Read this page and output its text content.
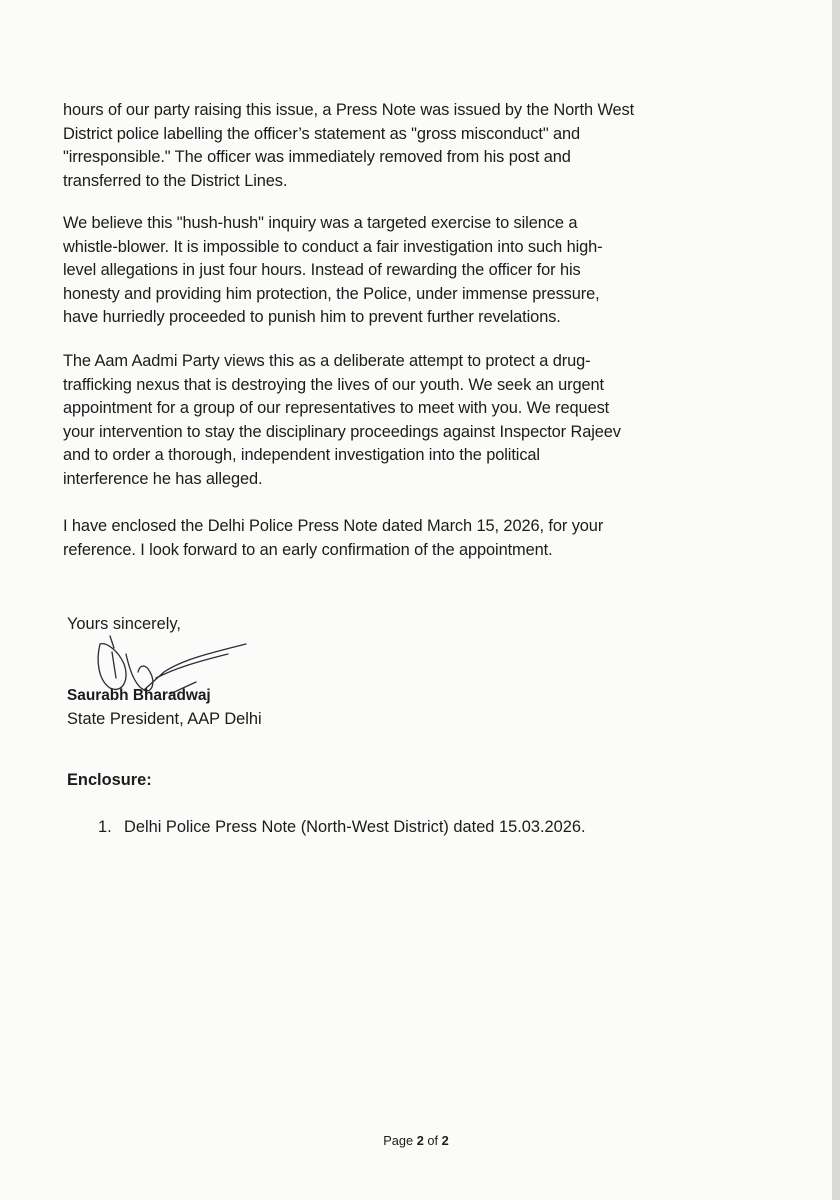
hours of our party raising this issue, a Press Note was issued by the North West
District police labelling the officer’s statement as "gross misconduct" and
"irresponsible." The officer was immediately removed from his post and
transferred to the District Lines.
We believe this "hush-hush" inquiry was a targeted exercise to silence a
whistle-blower. It is impossible to conduct a fair investigation into such high-
level allegations in just four hours. Instead of rewarding the officer for his
honesty and providing him protection, the Police, under immense pressure,
have hurriedly proceeded to punish him to prevent further revelations.
The Aam Aadmi Party views this as a deliberate attempt to protect a drug-
trafficking nexus that is destroying the lives of our youth. We seek an urgent
appointment for a group of our representatives to meet with you. We request
your intervention to stay the disciplinary proceedings against Inspector Rajeev
and to order a thorough, independent investigation into the political
interference he has alleged.
I have enclosed the Delhi Police Press Note dated March 15, 2026, for your
reference. I look forward to an early confirmation of the appointment.

Yours sincerely,

Saurabh Bharadwaj

State President, AAP Delhi

Enclosure:

1. Delhi Police Press Note (North-West District) dated 15.03.2026.

Page 2 of 2
